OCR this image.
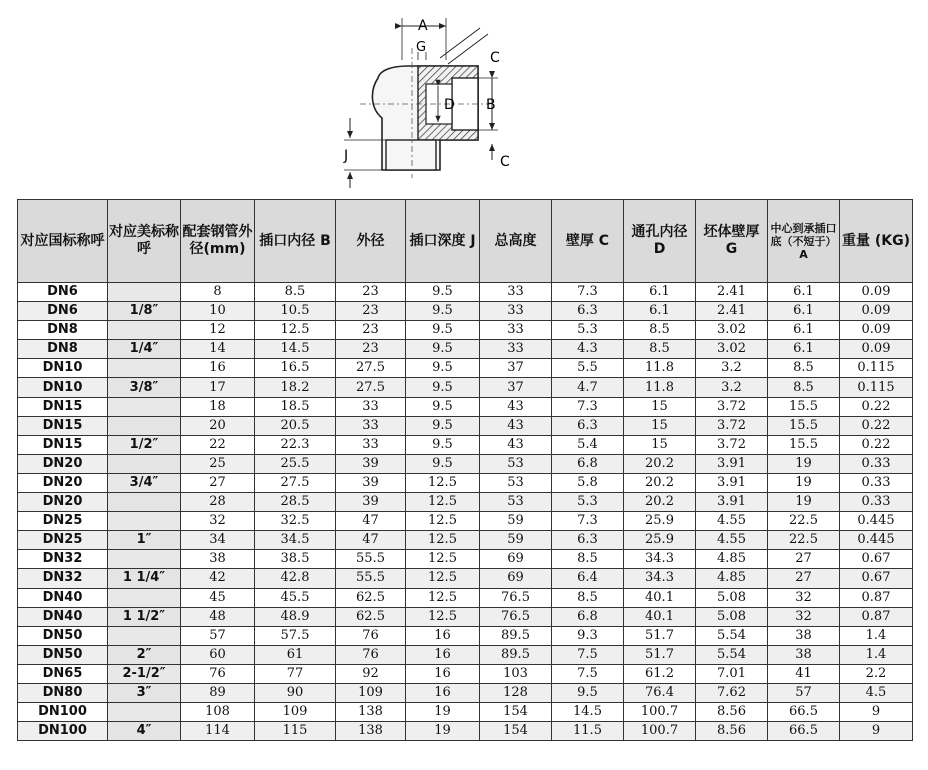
A
G
C
D B
J	C
对应国标称呼	对应美标称呼	配套钢管外径(mm)	插口内径 B	外径	插口深度 J	总高度	壁厚 C	通孔内径 D	坯体壁厚 G	中心到承插口底（不短于） A	重量 (KG)
DN6		8	8.5	23	9.5	33	7.3	6.1	2.41	6.1	0.09
DN6	1/8″	10	10.5	23	9.5	33	6.3	6.1	2.41	6.1	0.09
DN8		12	12.5	23	9.5	33	5.3	8.5	3.02	6.1	0.09
DN8	1/4″	14	14.5	23	9.5	33	4.3	8.5	3.02	6.1	0.09
DN10		16	16.5	27.5	9.5	37	5.5	11.8	3.2	8.5	0.115
DN10	3/8″	17	18.2	27.5	9.5	37	4.7	11.8	3.2	8.5	0.115
DN15		18	18.5	33	9.5	43	7.3	15	3.72	15.5	0.22
DN15		20	20.5	33	9.5	43	6.3	15	3.72	15.5	0.22
DN15	1/2″	22	22.3	33	9.5	43	5.4	15	3.72	15.5	0.22
DN20		25	25.5	39	9.5	53	6.8	20.2	3.91	19	0.33
DN20	3/4″	27	27.5	39	12.5	53	5.8	20.2	3.91	19	0.33
DN20		28	28.5	39	12.5	53	5.3	20.2	3.91	19	0.33
DN25		32	32.5	47	12.5	59	7.3	25.9	4.55	22.5	0.445
DN25	1″	34	34.5	47	12.5	59	6.3	25.9	4.55	22.5	0.445
DN32		38	38.5	55.5	12.5	69	8.5	34.3	4.85	27	0.67
DN32	1 1/4″	42	42.8	55.5	12.5	69	6.4	34.3	4.85	27	0.67
DN40		45	45.5	62.5	12.5	76.5	8.5	40.1	5.08	32	0.87
DN40	1 1/2″	48	48.9	62.5	12.5	76.5	6.8	40.1	5.08	32	0.87
DN50		57	57.5	76	16	89.5	9.3	51.7	5.54	38	1.4
DN50	2″	60	61	76	16	89.5	7.5	51.7	5.54	38	1.4
DN65	2-1/2″	76	77	92	16	103	7.5	61.2	7.01	41	2.2
DN80	3″	89	90	109	16	128	9.5	76.4	7.62	57	4.5
DN100		108	109	138	19	154	14.5	100.7	8.56	66.5	9
DN100	4″	114	115	138	19	154	11.5	100.7	8.56	66.5	9
